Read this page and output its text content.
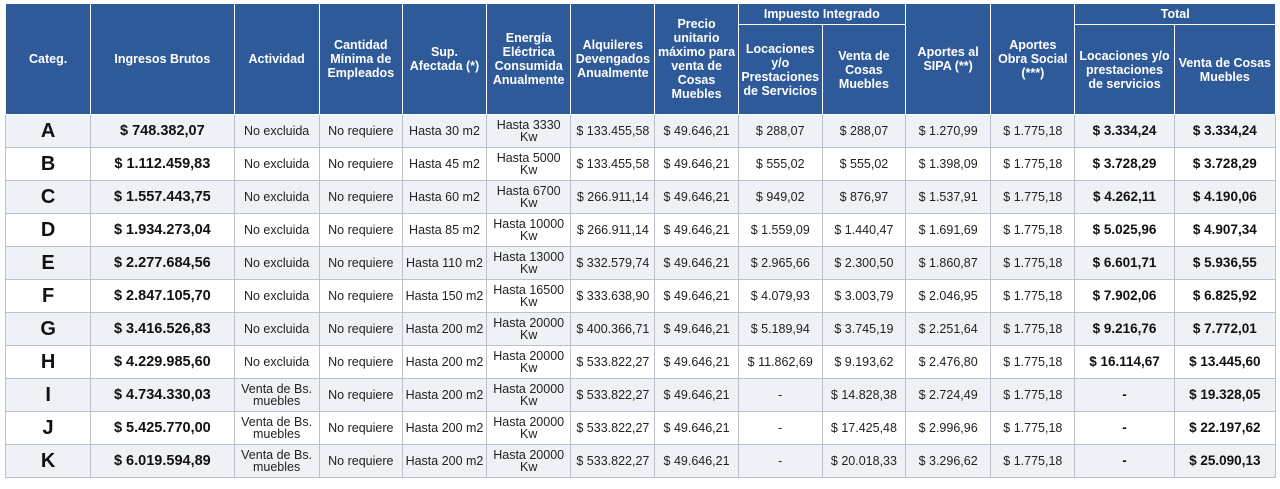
Categ.	Ingresos Brutos	Actividad	Cantidad Mínima de Empleados	Sup. Afectada (*)	Energía Eléctrica Consumida Anualmente	Alquileres Devengados Anualmente	Precio unitario máximo para venta de Cosas Muebles	Impuesto Integrado		Aportes al SIPA (**)	Aportes Obra Social (***)	Total	
								Locaciones y/o Prestaciones de Servicios	Venta de Cosas Muebles			Locaciones y/o prestaciones de servicios	Venta de Cosas Muebles
A	$ 748.382,07	No excluida	No requiere	Hasta 30 m2	Hasta 3330 Kw	$ 133.455,58	$ 49.646,21	$ 288,07	$ 288,07	$ 1.270,99	$ 1.775,18	$ 3.334,24	$ 3.334,24
B	$ 1.112.459,83	No excluida	No requiere	Hasta 45 m2	Hasta 5000 Kw	$ 133.455,58	$ 49.646,21	$ 555,02	$ 555,02	$ 1.398,09	$ 1.775,18	$ 3.728,29	$ 3.728,29
C	$ 1.557.443,75	No excluida	No requiere	Hasta 60 m2	Hasta 6700 Kw	$ 266.911,14	$ 49.646,21	$ 949,02	$ 876,97	$ 1.537,91	$ 1.775,18	$ 4.262,11	$ 4.190,06
D	$ 1.934.273,04	No excluida	No requiere	Hasta 85 m2	Hasta 10000 Kw	$ 266.911,14	$ 49.646,21	$ 1.559,09	$ 1.440,47	$ 1.691,69	$ 1.775,18	$ 5.025,96	$ 4.907,34
E	$ 2.277.684,56	No excluida	No requiere	Hasta 110 m2	Hasta 13000 Kw	$ 332.579,74	$ 49.646,21	$ 2.965,66	$ 2.300,50	$ 1.860,87	$ 1.775,18	$ 6.601,71	$ 5.936,55
F	$ 2.847.105,70	No excluida	No requiere	Hasta 150 m2	Hasta 16500 Kw	$ 333.638,90	$ 49.646,21	$ 4.079,93	$ 3.003,79	$ 2.046,95	$ 1.775,18	$ 7.902,06	$ 6.825,92
G	$ 3.416.526,83	No excluida	No requiere	Hasta 200 m2	Hasta 20000 Kw	$ 400.366,71	$ 49.646,21	$ 5.189,94	$ 3.745,19	$ 2.251,64	$ 1.775,18	$ 9.216,76	$ 7.772,01
H	$ 4.229.985,60	No excluida	No requiere	Hasta 200 m2	Hasta 20000 Kw	$ 533.822,27	$ 49.646,21	$ 11.862,69	$ 9.193,62	$ 2.476,80	$ 1.775,18	$ 16.114,67	$ 13.445,60
I	$ 4.734.330,03	Venta de Bs. muebles	No requiere	Hasta 200 m2	Hasta 20000 Kw	$ 533.822,27	$ 49.646,21	-	$ 14.828,38	$ 2.724,49	$ 1.775,18	-	$ 19.328,05
J	$ 5.425.770,00	Venta de Bs. muebles	No requiere	Hasta 200 m2	Hasta 20000 Kw	$ 533.822,27	$ 49.646,21	-	$ 17.425,48	$ 2.996,96	$ 1.775,18	-	$ 22.197,62
K	$ 6.019.594,89	Venta de Bs. muebles	No requiere	Hasta 200 m2	Hasta 20000 Kw	$ 533.822,27	$ 49.646,21	-	$ 20.018,33	$ 3.296,62	$ 1.775,18	-	$ 25.090,13
